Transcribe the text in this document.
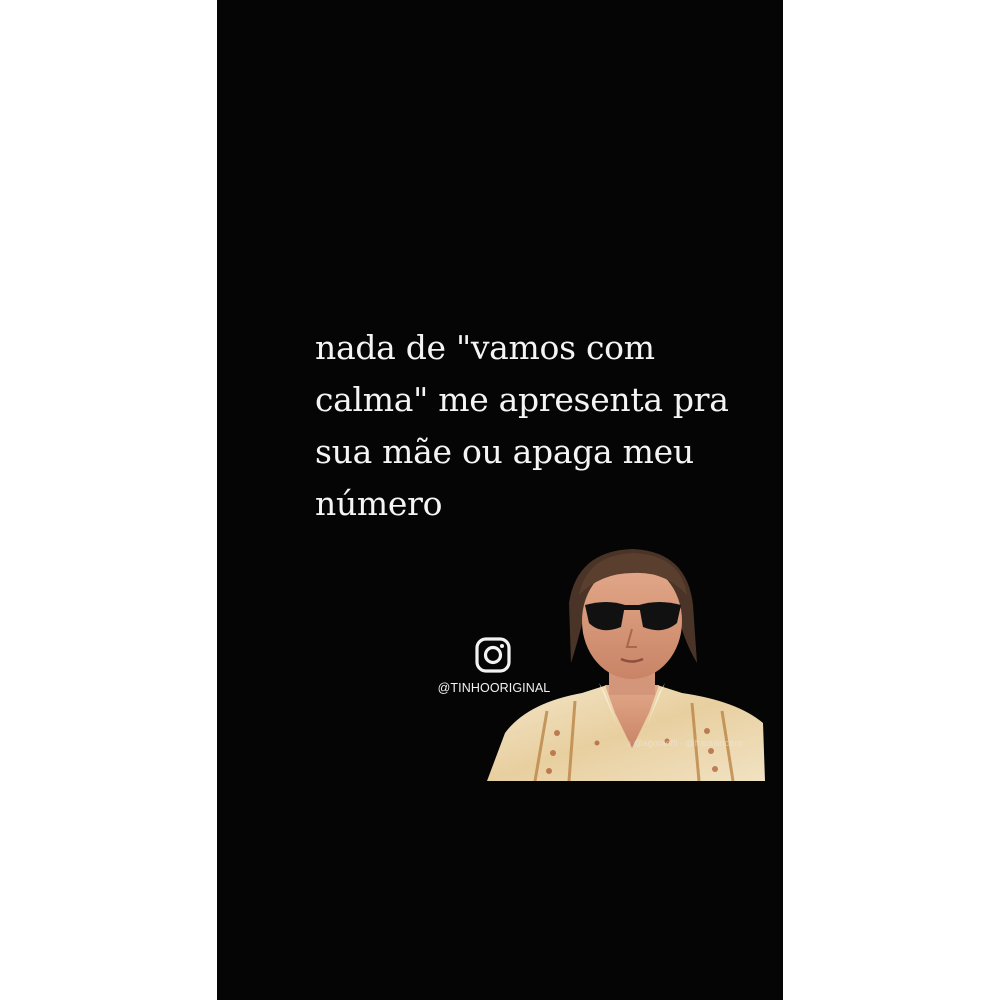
nada de "vamos com
calma" me apresenta pra
sua mãe ou apaga meu
número

@TINHOORIGINAL
♪ @agoraoffi · @frarasincero
